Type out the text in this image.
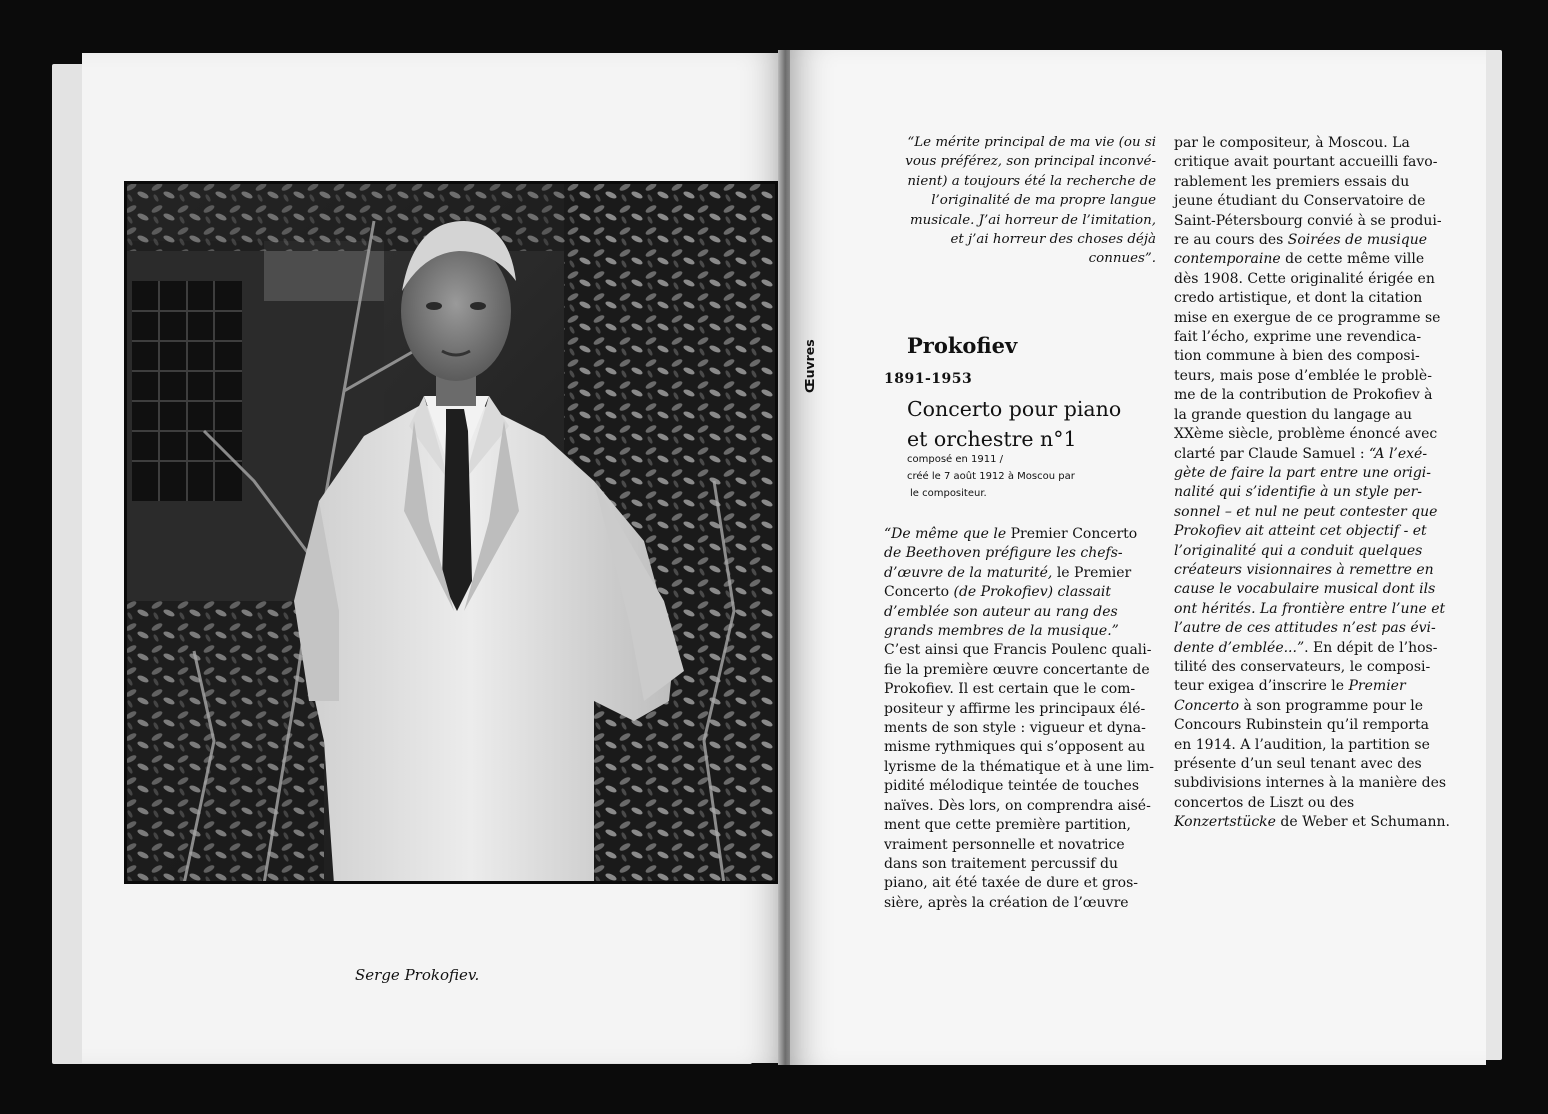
Serge Prokofiev.
“Le mérite principal de ma vie (ou si
vous préférez, son principal inconvé-
nient) a toujours été la recherche de
l’originalité de ma propre langue
musicale. J’ai horreur de l’imitation,
et j’ai horreur des choses déjà
connues”.
Œuvres	Prokofiev
1891-1953
Concerto pour piano
et orchestre n°1
composé en 1911 /
créé le 7 août 1912 à Moscou par
le compositeur.
“De même que le Premier Concerto
de Beethoven préfigure les chefs-
d’œuvre de la maturité, le Premier
Concerto (de Prokofiev) classait
d’emblée son auteur au rang des
grands membres de la musique.”
C’est ainsi que Francis Poulenc quali-
fie la première œuvre concertante de
Prokofiev. Il est certain que le com-
positeur y affirme les principaux élé-
ments de son style : vigueur et dyna-
misme rythmiques qui s’opposent au
lyrisme de la thématique et à une lim-
pidité mélodique teintée de touches
naïves. Dès lors, on comprendra aisé-
ment que cette première partition,
vraiment personnelle et novatrice
dans son traitement percussif du
piano, ait été taxée de dure et gros-
sière, après la création de l’œuvre
par le compositeur, à Moscou. La
critique avait pourtant accueilli favo-
rablement les premiers essais du
jeune étudiant du Conservatoire de
Saint-Pétersbourg convié à se produi-
re au cours des Soirées de musique
contemporaine de cette même ville
dès 1908. Cette originalité érigée en
credo artistique, et dont la citation
mise en exergue de ce programme se
fait l’écho, exprime une revendica-
tion commune à bien des composi-
teurs, mais pose d’emblée le problè-
me de la contribution de Prokofiev à
la grande question du langage au
XXème siècle, problème énoncé avec
clarté par Claude Samuel : “A l’exé-
gète de faire la part entre une origi-
nalité qui s’identifie à un style per-
sonnel – et nul ne peut contester que
Prokofiev ait atteint cet objectif - et
l’originalité qui a conduit quelques
créateurs visionnaires à remettre en
cause le vocabulaire musical dont ils
ont hérités. La frontière entre l’une et
l’autre de ces attitudes n’est pas évi-
dente d’emblée...”. En dépit de l’hos-
tilité des conservateurs, le composi-
teur exigea d’inscrire le Premier
Concerto à son programme pour le
Concours Rubinstein qu’il remporta
en 1914. A l’audition, la partition se
présente d’un seul tenant avec des
subdivisions internes à la manière des
concertos de Liszt ou des
Konzertstücke de Weber et Schumann.
